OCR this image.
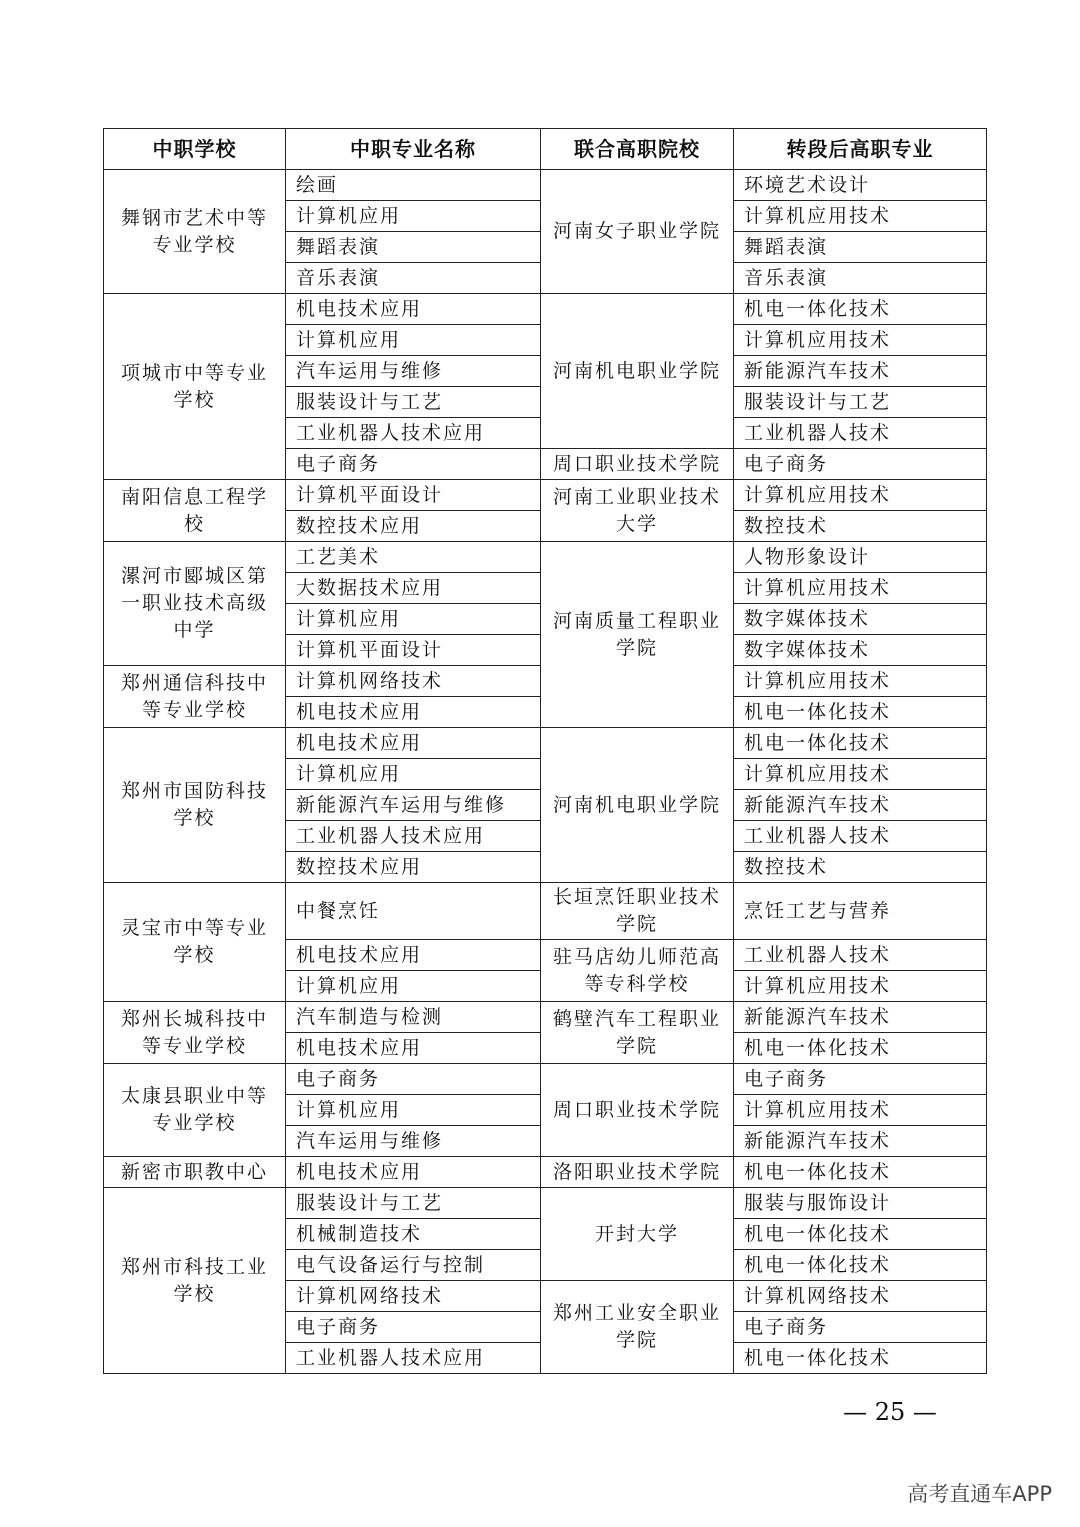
中职学校	中职专业名称	联合高职院校	转段后高职专业
舞钢市艺术中等专业学校	绘画	河南女子职业学院	环境艺术设计
	计算机应用		计算机应用技术
	舞蹈表演		舞蹈表演
	音乐表演		音乐表演
项城市中等专业学校	机电技术应用	河南机电职业学院	机电一体化技术
	计算机应用		计算机应用技术
	汽车运用与维修		新能源汽车技术
	服装设计与工艺		服装设计与工艺
	工业机器人技术应用		工业机器人技术
	电子商务	周口职业技术学院	电子商务
南阳信息工程学校	计算机平面设计	河南工业职业技术大学	计算机应用技术
	数控技术应用		数控技术
漯河市郾城区第一职业技术高级中学	工艺美术	河南质量工程职业学院	人物形象设计
	大数据技术应用		计算机应用技术
	计算机应用		数字媒体技术
	计算机平面设计		数字媒体技术
郑州通信科技中等专业学校	计算机网络技术		计算机应用技术
	机电技术应用		机电一体化技术
郑州市国防科技学校	机电技术应用	河南机电职业学院	机电一体化技术
	计算机应用		计算机应用技术
	新能源汽车运用与维修		新能源汽车技术
	工业机器人技术应用		工业机器人技术
	数控技术应用		数控技术
灵宝市中等专业学校	中餐烹饪	长垣烹饪职业技术学院	烹饪工艺与营养
	机电技术应用	驻马店幼儿师范高等专科学校	工业机器人技术
	计算机应用		计算机应用技术
郑州长城科技中等专业学校	汽车制造与检测	鹤壁汽车工程职业学院	新能源汽车技术
	机电技术应用		机电一体化技术
太康县职业中等专业学校	电子商务	周口职业技术学院	电子商务
	计算机应用		计算机应用技术
	汽车运用与维修		新能源汽车技术
新密市职教中心	机电技术应用	洛阳职业技术学院	机电一体化技术
郑州市科技工业学校	服装设计与工艺	开封大学	服装与服饰设计
	机械制造技术		机电一体化技术
	电气设备运行与控制		机电一体化技术
	计算机网络技术	郑州工业安全职业学院	计算机网络技术
	电子商务		电子商务
	工业机器人技术应用		机电一体化技术
— 25 —
高考直通车APP
